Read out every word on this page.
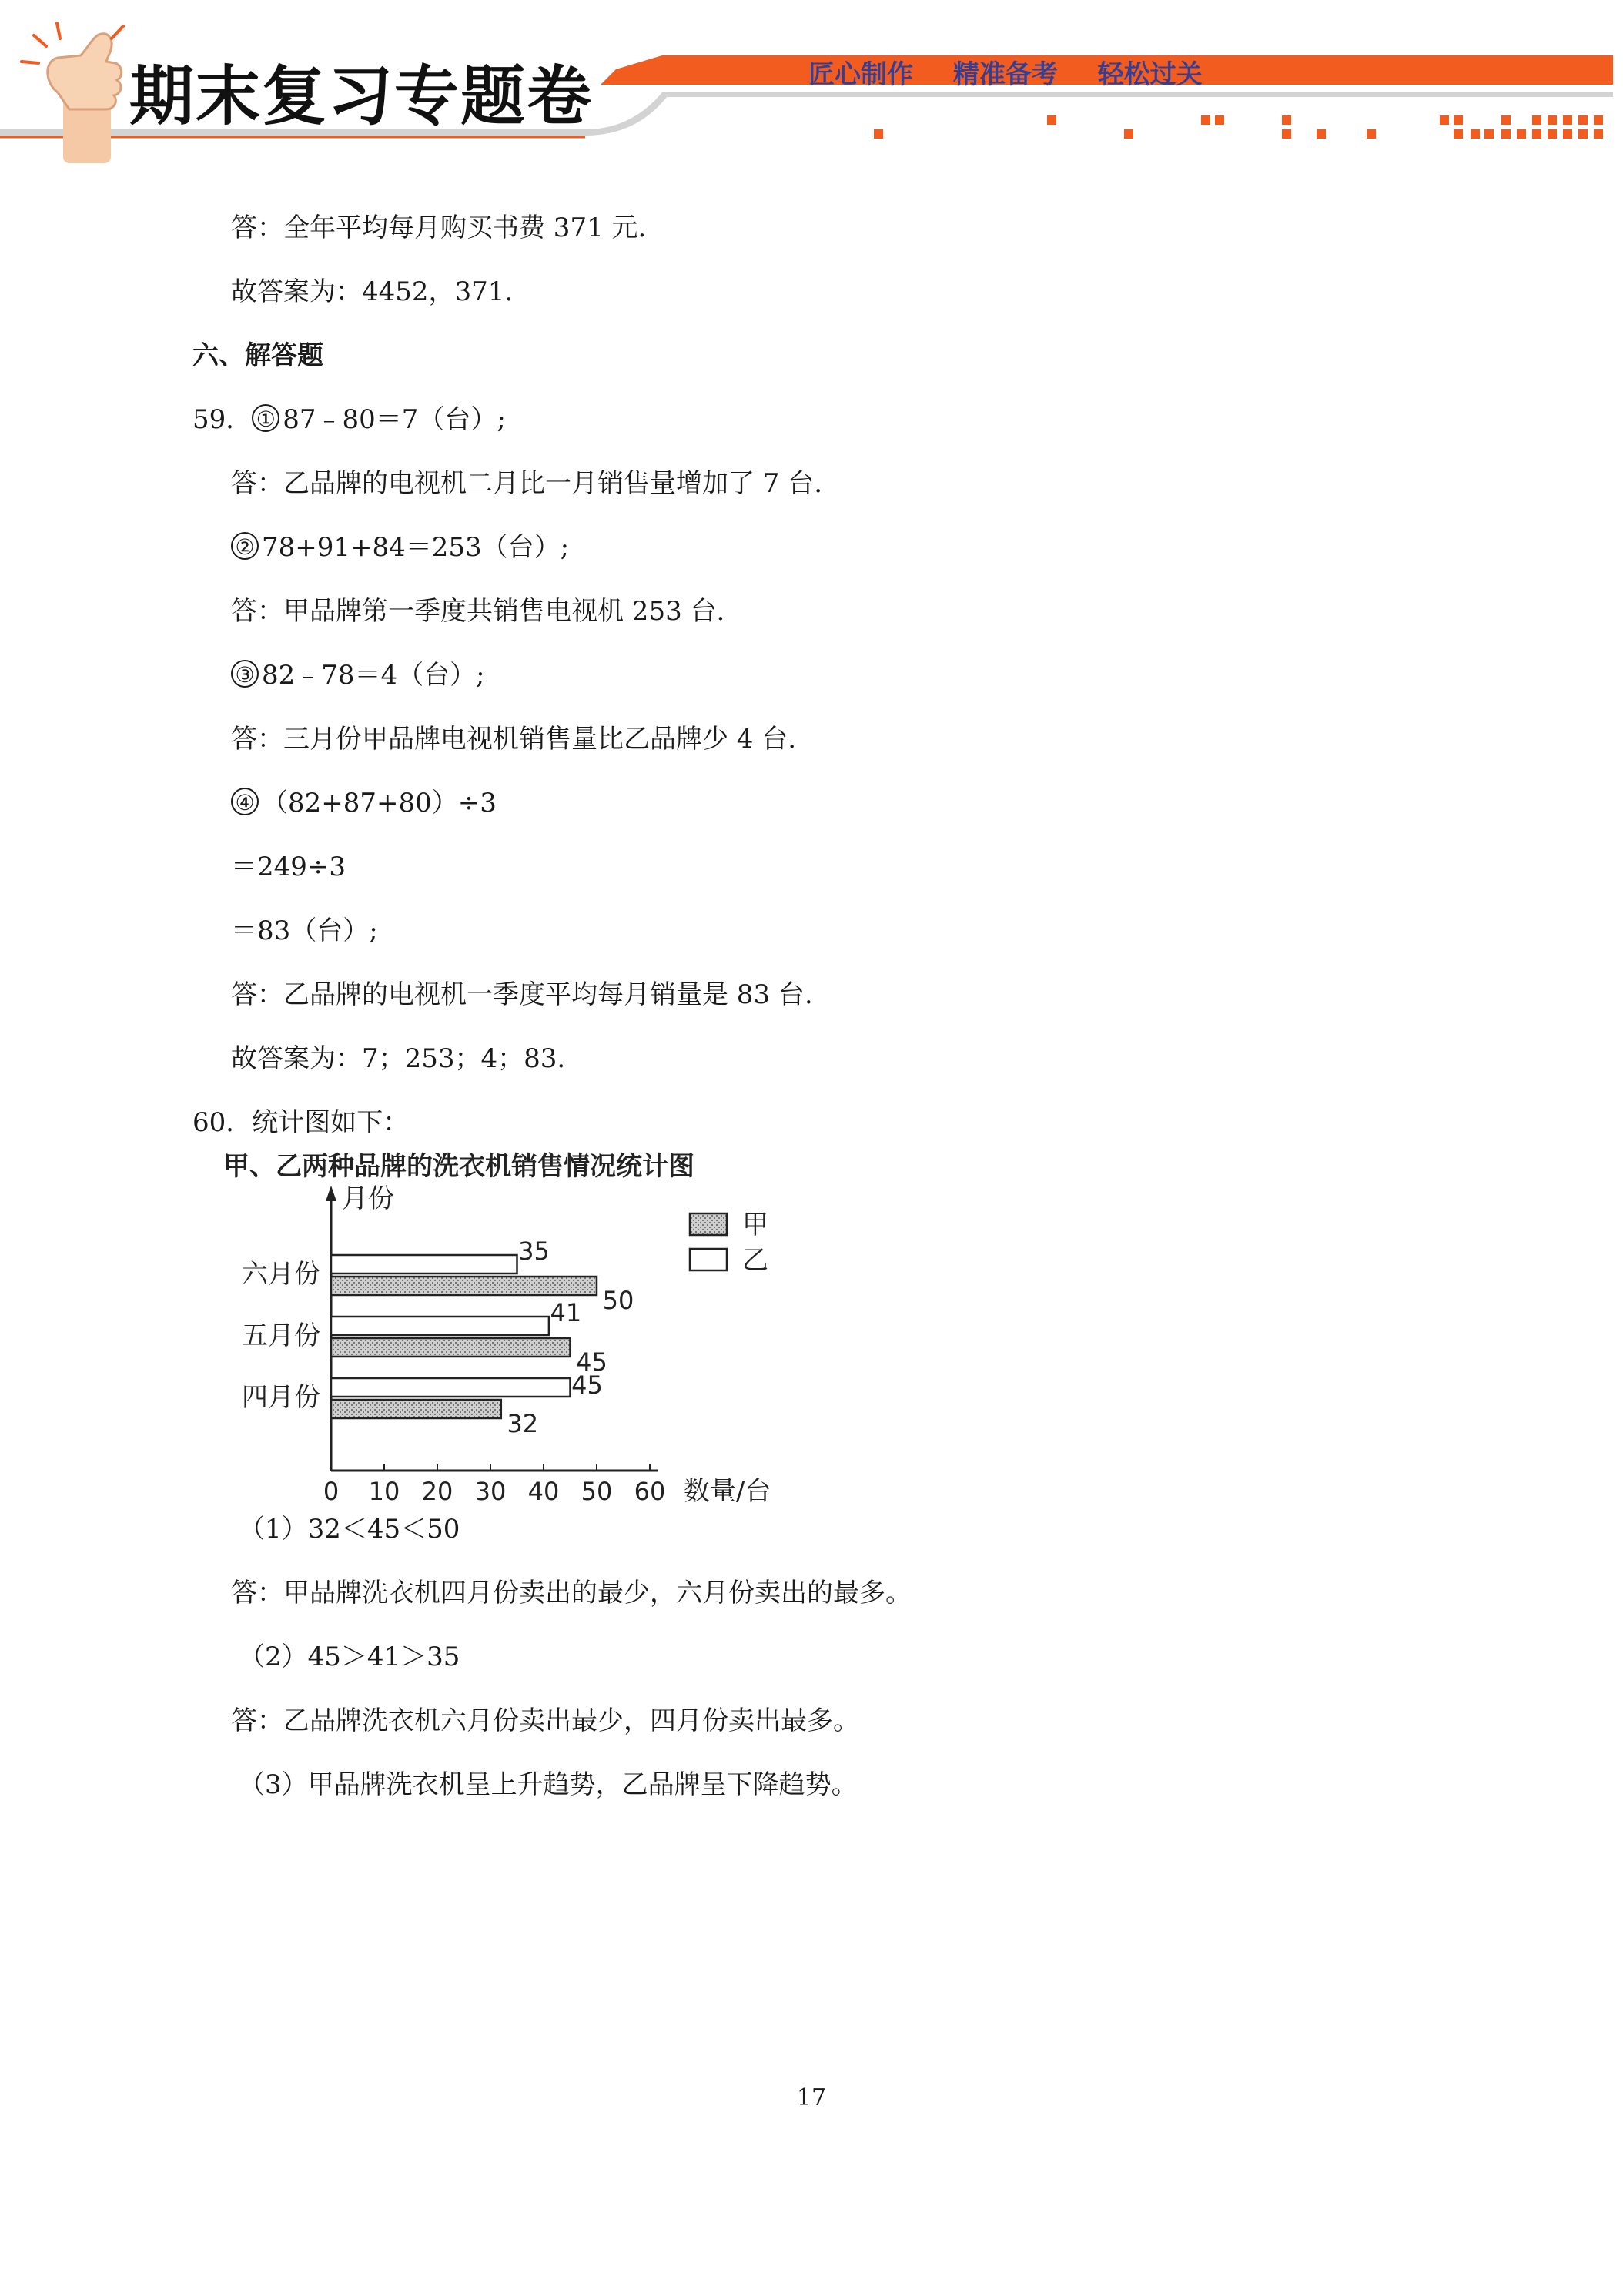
期末复习专题卷	匠心制作 精准备考 轻松过关
答：全年平均每月购买书费 371 元.
故答案为：4452，371.
六、解答题
59． ① 87﹣80＝7（台）;
答：乙品牌的电视机二月比一月销售量增加了 7 台.
② 78+91+84＝253（台）;
答：甲品牌第一季度共销售电视机 253 台.
③ 82﹣78＝4（台）;
答：三月份甲品牌电视机销售量比乙品牌少 4 台.
④ （82+87+80）÷3
＝249÷3
＝83（台）;
答：乙品牌的电视机一季度平均每月销量是 83 台.
故答案为：7；253；4；83.
60．统计图如下：
甲、乙两种品牌的洗衣机销售情况统计图
月份
0 10 20 30 40 50 60 数量/台
六月份
35
50
五月份
41
45
四月份	45
32
甲
乙
（1）32＜45＜50
答：甲品牌洗衣机四月份卖出的最少，六月份卖出的最多。
（2）45＞41＞35
答：乙品牌洗衣机六月份卖出最少，四月份卖出最多。
（3）甲品牌洗衣机呈上升趋势，乙品牌呈下降趋势。
17
